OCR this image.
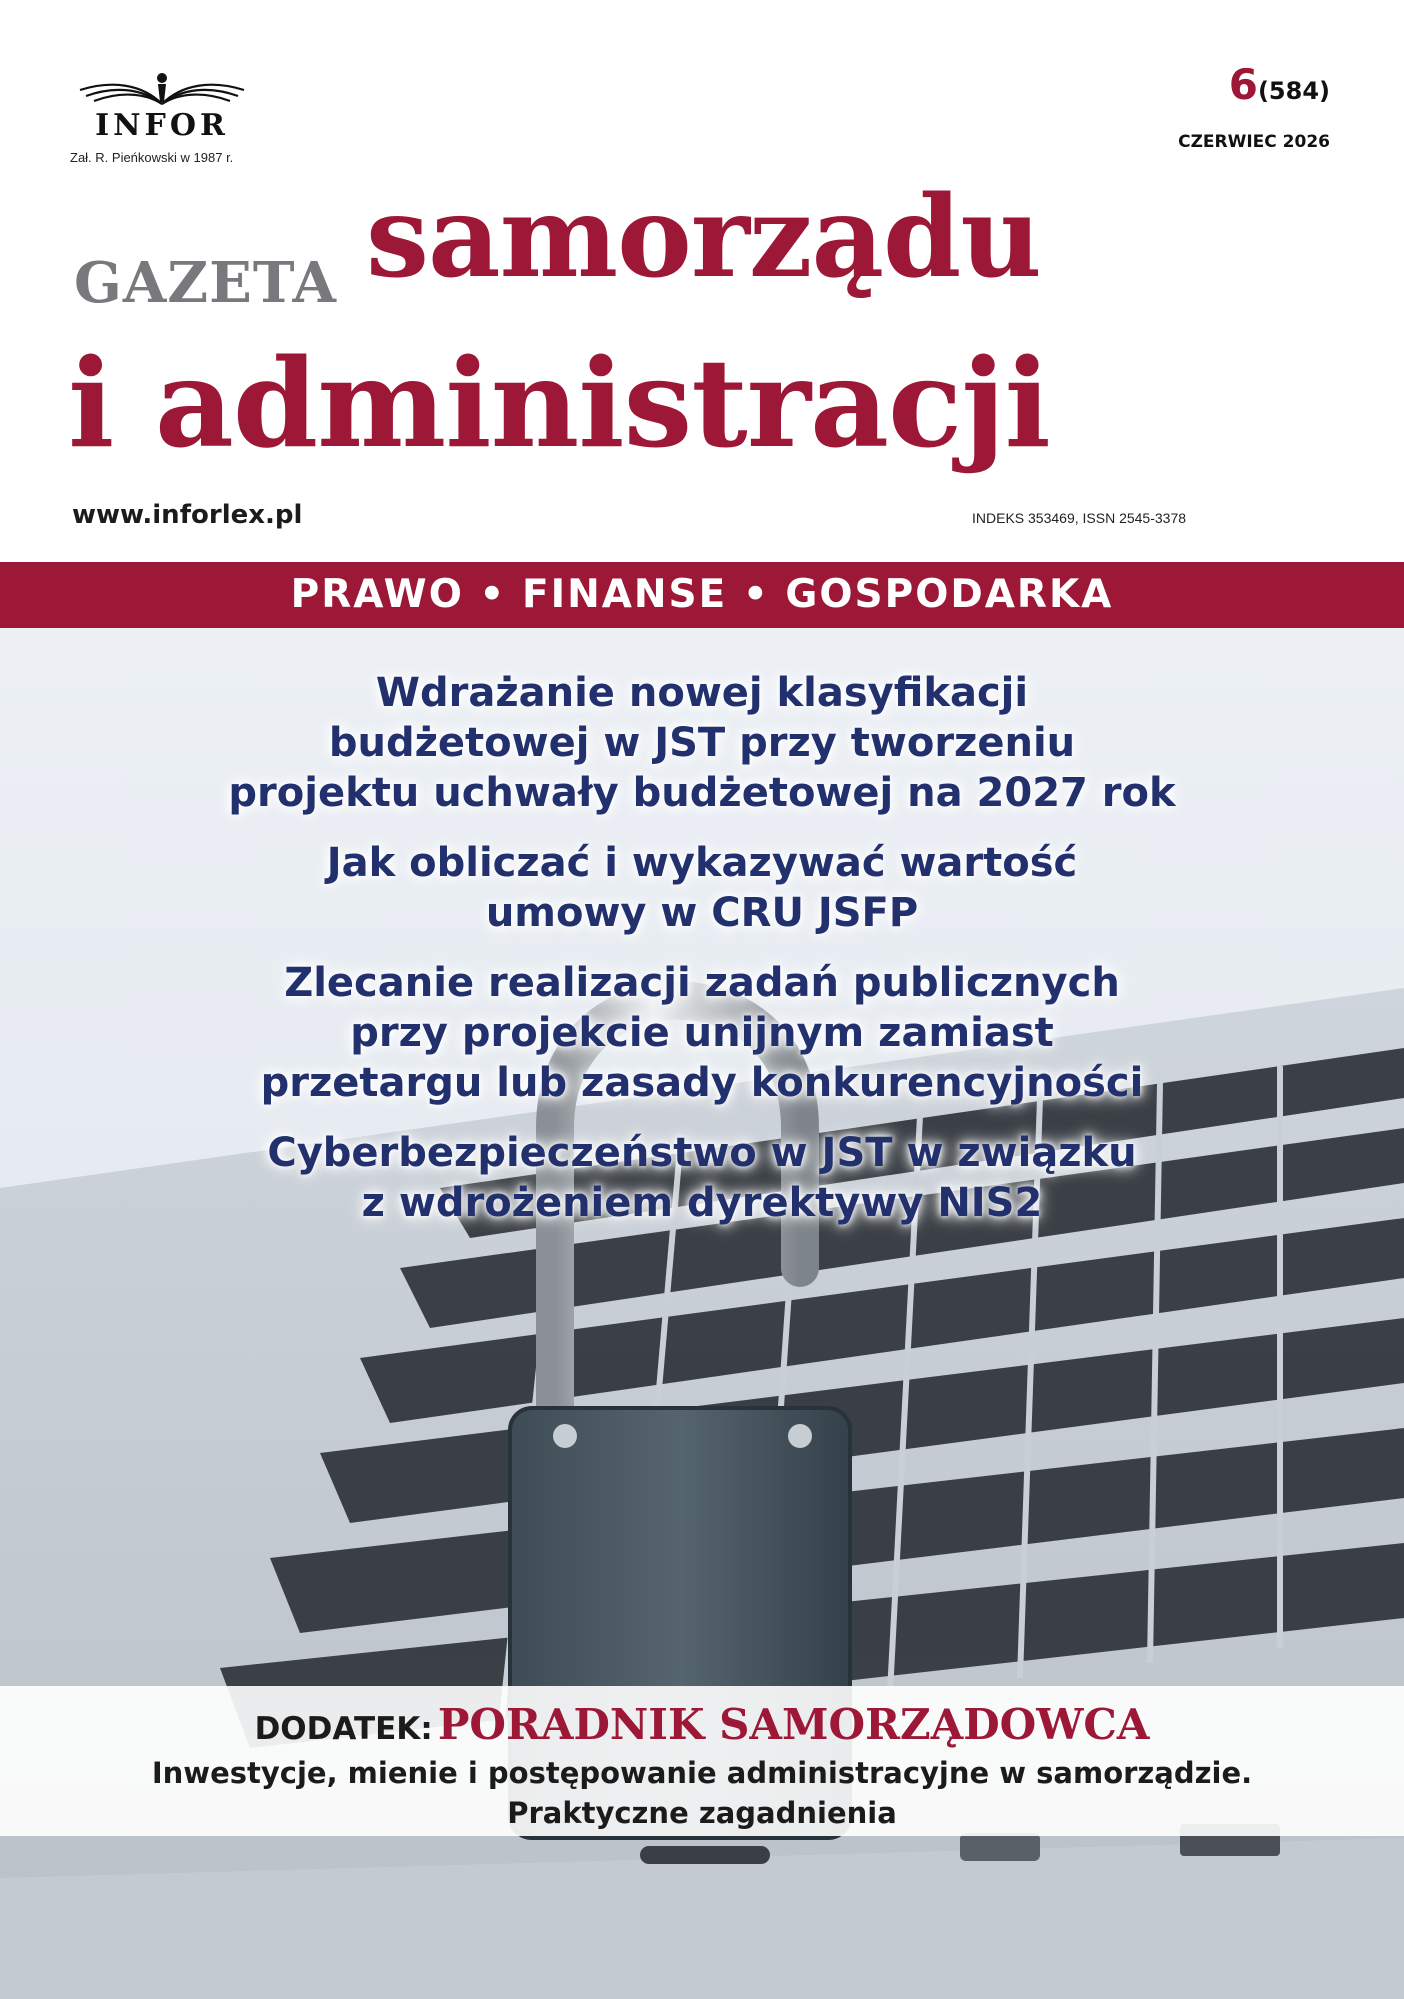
INFOR
Zał. R. Pieńkowski w 1987 r.
6(584)
CZERWIEC 2026
GAZETA samorządu
i administracji
www.inforlex.pl	INDEKS 353469, ISSN 2545-3378
PRAWO • FINANSE • GOSPODARKA
Wdrażanie nowej klasyfikacji
budżetowej w JST przy tworzeniu
projektu uchwały budżetowej na 2027 rok
Jak obliczać i wykazywać wartość
umowy w CRU JSFP
Zlecanie realizacji zadań publicznych
przy projekcie unijnym zamiast
przetargu lub zasady konkurencyjności
Cyberbezpieczeństwo w JST w związku
z wdrożeniem dyrektywy NIS2
DODATEK: PORADNIK SAMORZĄDOWCA
Inwestycje, mienie i postępowanie administracyjne w samorządzie.
Praktyczne zagadnienia
